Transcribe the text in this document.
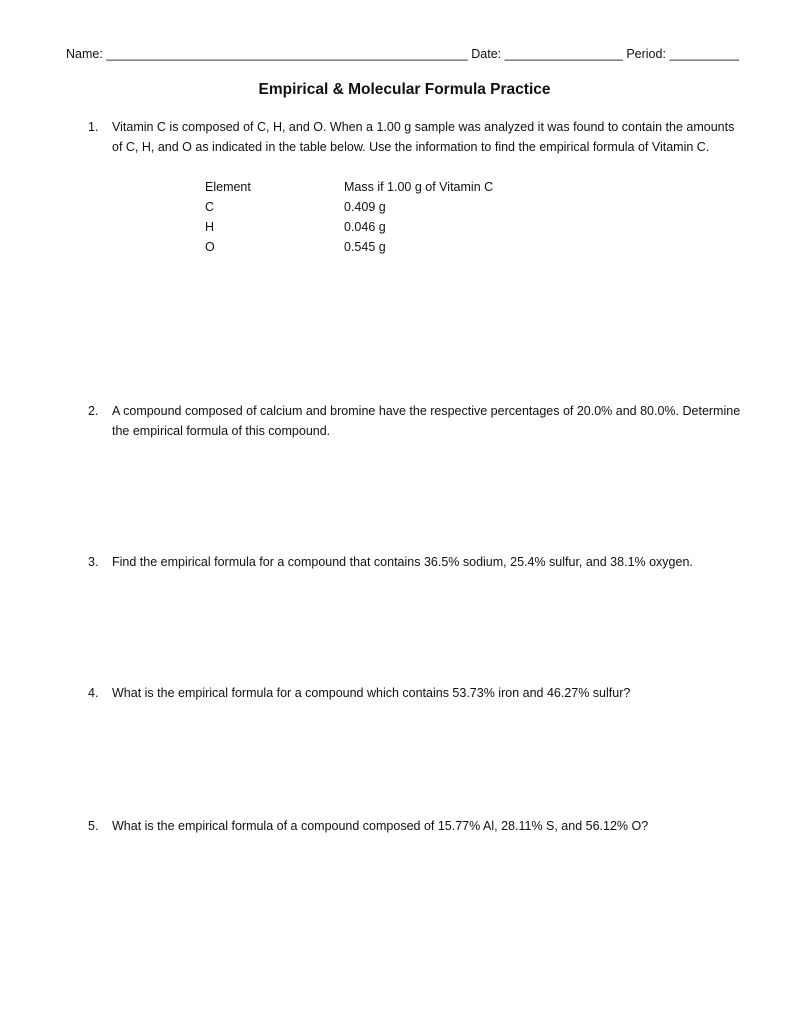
Name: ____________________________________________________ Date: _________________ Period: __________
Empirical & Molecular Formula Practice
1. Vitamin C is composed of C, H, and O. When a 1.00 g sample was analyzed it was found to contain the amounts of C, H, and O as indicated in the table below. Use the information to find the empirical formula of Vitamin C.
Element	Mass if 1.00 g of Vitamin C
C	0.409 g
H	0.046 g
O	0.545 g
2. A compound composed of calcium and bromine have the respective percentages of 20.0% and 80.0%. Determine the empirical formula of this compound.
3. Find the empirical formula for a compound that contains 36.5% sodium, 25.4% sulfur, and 38.1% oxygen.
4. What is the empirical formula for a compound which contains 53.73% iron and 46.27% sulfur?
5. What is the empirical formula of a compound composed of 15.77% Al, 28.11% S, and 56.12% O?
